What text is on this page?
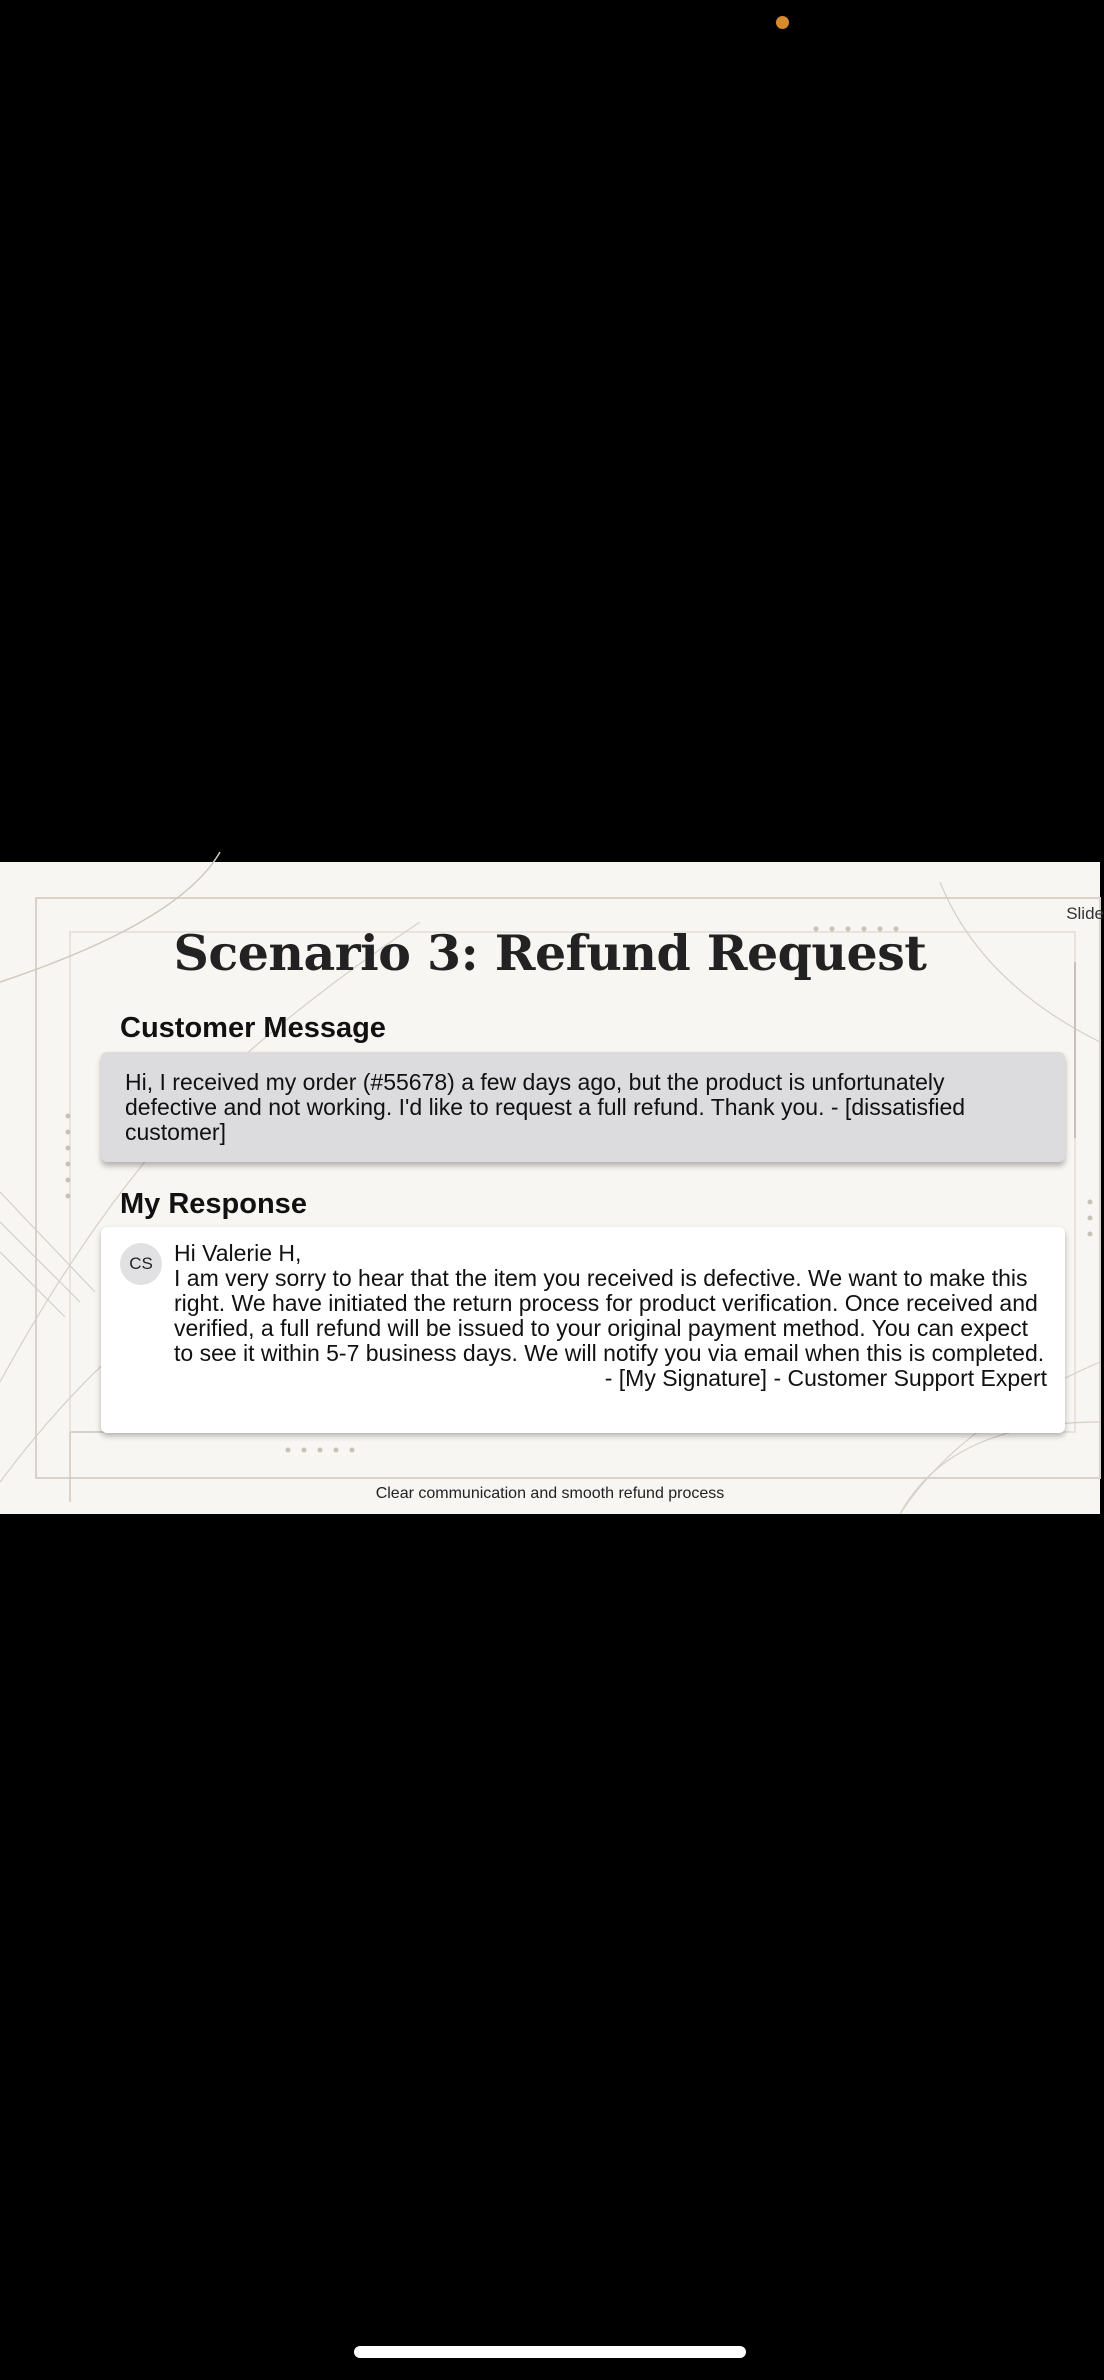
Slide
Scenario 3: Refund Request
Customer Message
Hi, I received my order (#55678) a few days ago, but the product is unfortunately defective and not working. I'd like to request a full refund. Thank you. - [dissatisfied customer]
My Response
CS Hi Valerie H,
I am very sorry to hear that the item you received is defective. We want to make this right. We have initiated the return process for product verification. Once received and verified, a full refund will be issued to your original payment method. You can expect to see it within 5-7 business days. We will notify you via email when this is completed.
- [My Signature] - Customer Support Expert
Clear communication and smooth refund process
